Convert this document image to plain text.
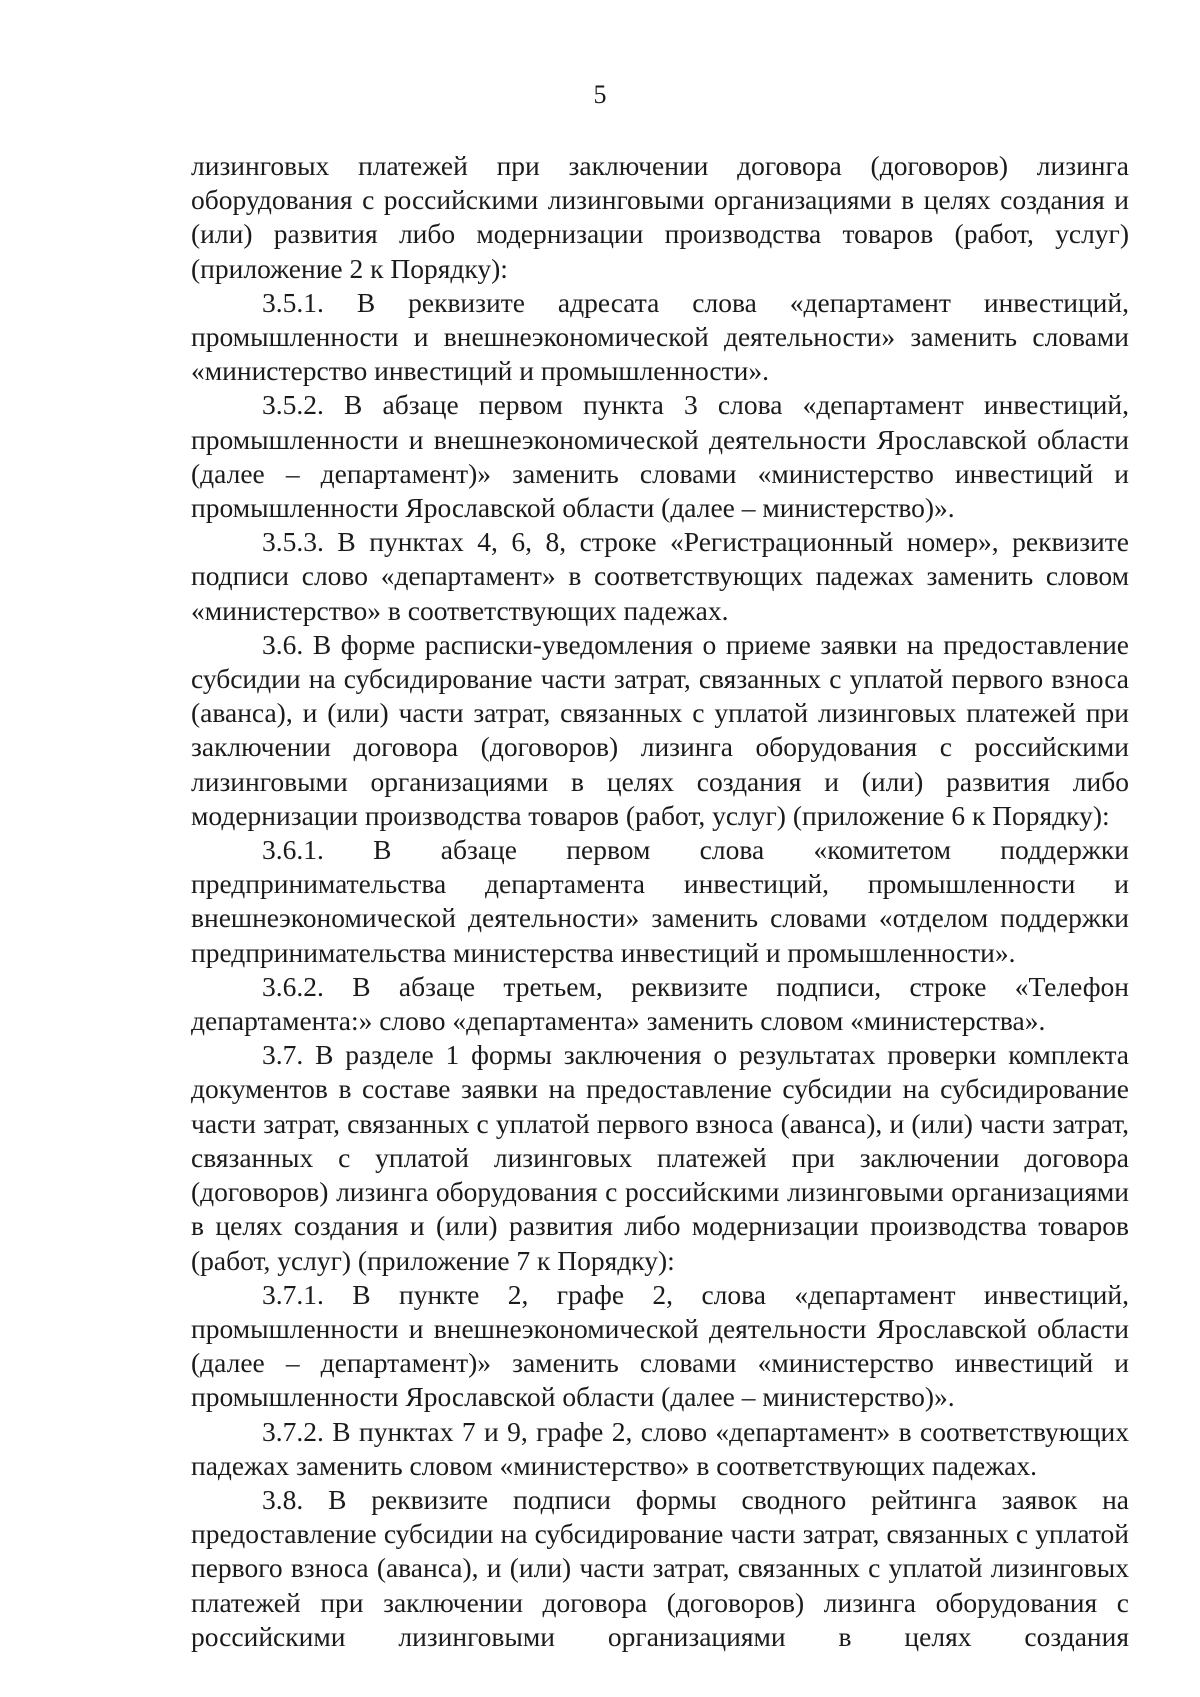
5

лизинговых платежей при заключении договора (договоров) лизинга оборудования с российскими лизинговыми организациями в целях создания и (или) развития либо модернизации производства товаров (работ, услуг) (приложение 2 к Порядку):

3.5.1. В реквизите адресата слова «департамент инвестиций, промышленности и внешнеэкономической деятельности» заменить словами «министерство инвестиций и промышленности».

3.5.2. В абзаце первом пункта 3 слова «департамент инвестиций, промышленности и внешнеэкономической деятельности Ярославской области (далее – департамент)» заменить словами «министерство инвестиций и промышленности Ярославской области (далее – министерство)».

3.5.3. В пунктах 4, 6, 8, строке «Регистрационный номер», реквизите подписи слово «департамент» в соответствующих падежах заменить словом «министерство» в соответствующих падежах.

3.6. В форме расписки-уведомления о приеме заявки на предоставление субсидии на субсидирование части затрат, связанных с уплатой первого взноса (аванса), и (или) части затрат, связанных с уплатой лизинговых платежей при заключении договора (договоров) лизинга оборудования с российскими лизинговыми организациями в целях создания и (или) развития либо модернизации производства товаров (работ, услуг) (приложение 6 к Порядку):

3.6.1. В абзаце первом слова «комитетом поддержки предпринимательства департамента инвестиций, промышленности и внешнеэкономической деятельности» заменить словами «отделом поддержки предпринимательства министерства инвестиций и промышленности».

3.6.2. В абзаце третьем, реквизите подписи, строке «Телефон департамента:» слово «департамента» заменить словом «министерства».

3.7. В разделе 1 формы заключения о результатах проверки комплекта документов в составе заявки на предоставление субсидии на субсидирование части затрат, связанных с уплатой первого взноса (аванса), и (или) части затрат, связанных с уплатой лизинговых платежей при заключении договора (договоров) лизинга оборудования с российскими лизинговыми организациями в целях создания и (или) развития либо модернизации производства товаров (работ, услуг) (приложение 7 к Порядку):

3.7.1. В пункте 2, графе 2, слова «департамент инвестиций, промышленности и внешнеэкономической деятельности Ярославской области (далее – департамент)» заменить словами «министерство инвестиций и промышленности Ярославской области (далее – министерство)».

3.7.2. В пунктах 7 и 9, графе 2, слово «департамент» в соответствующих падежах заменить словом «министерство» в соответствующих падежах.

3.8. В реквизите подписи формы сводного рейтинга заявок на предоставление субсидии на субсидирование части затрат, связанных с уплатой первого взноса (аванса), и (или) части затрат, связанных с уплатой лизинговых платежей при заключении договора (договоров) лизинга оборудования с российскими лизинговыми организациями в целях создания
